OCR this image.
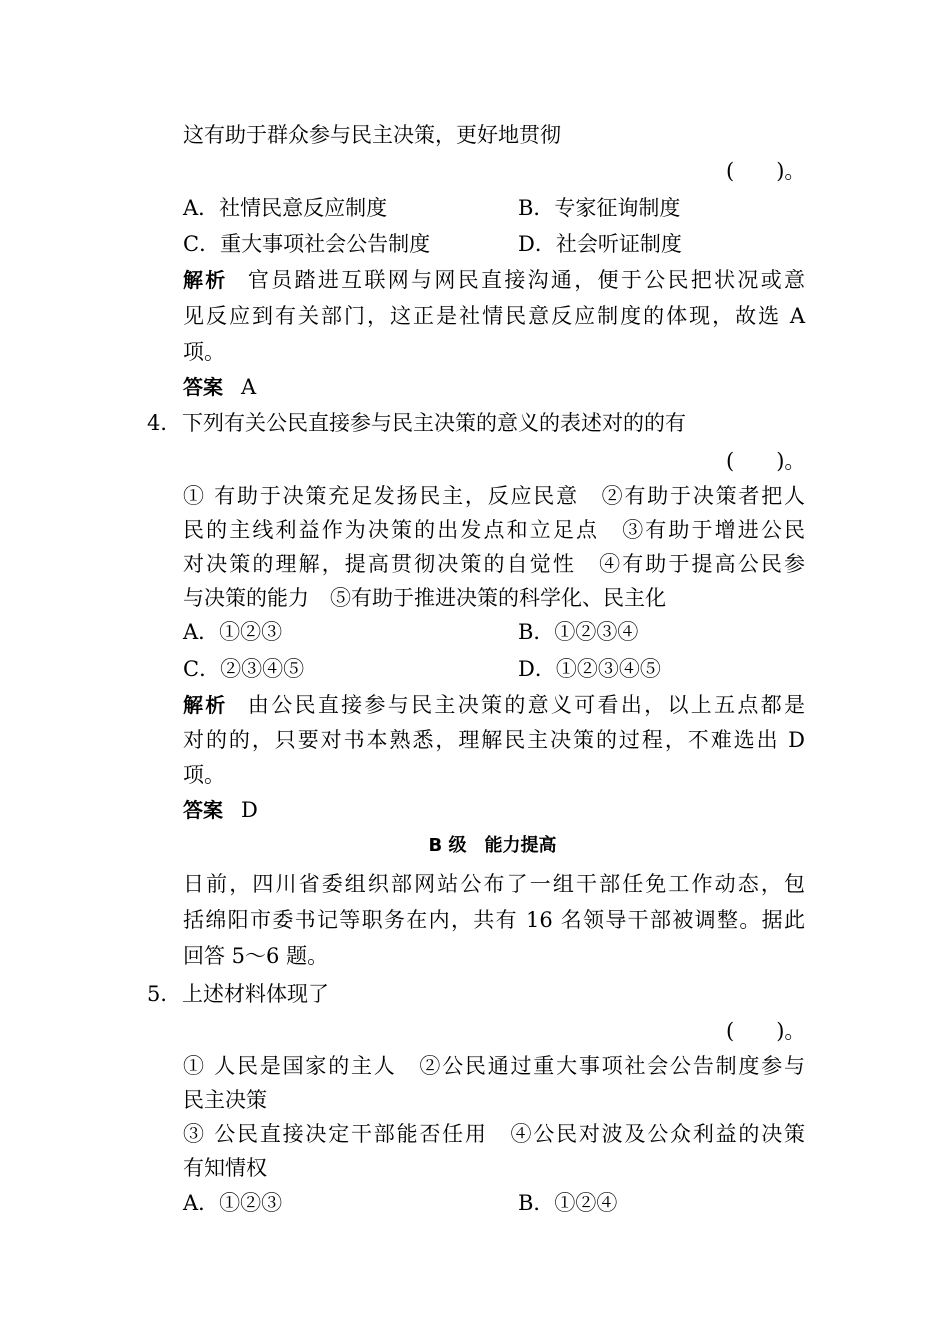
这有助于群众参与民主决策，更好地贯彻
(　　)。
A．社情民意反应制度	B．专家征询制度
C．重大事项社会公告制度	D．社会听证制度
解析 官员踏进互联网与网民直接沟通，便于公民把状况或意
见反应到有关部门，这正是社情民意反应制度的体现，故选 A
项。
答案 A
4．下列有关公民直接参与民主决策的意义的表述对的的有
(　　)。
① 有助于决策充足发扬民主，反应民意　②有助于决策者把人
民的主线利益作为决策的出发点和立足点　③有助于增进公民
对决策的理解，提高贯彻决策的自觉性　④有助于提高公民参
与决策的能力　⑤有助于推进决策的科学化、民主化
A．①②③	B．①②③④
C．②③④⑤	D．①②③④⑤
解析 由公民直接参与民主决策的意义可看出，以上五点都是
对的的，只要对书本熟悉，理解民主决策的过程，不难选出 D
项。
答案 D
B 级　能力提高
日前，四川省委组织部网站公布了一组干部任免工作动态，包
括绵阳市委书记等职务在内，共有 16 名领导干部被调整。据此
回答 5～6 题。
5．上述材料体现了
(　　)。
① 人民是国家的主人　②公民通过重大事项社会公告制度参与
民主决策
③ 公民直接决定干部能否任用　④公民对波及公众利益的决策
有知情权
A．①②③	B．①②④
